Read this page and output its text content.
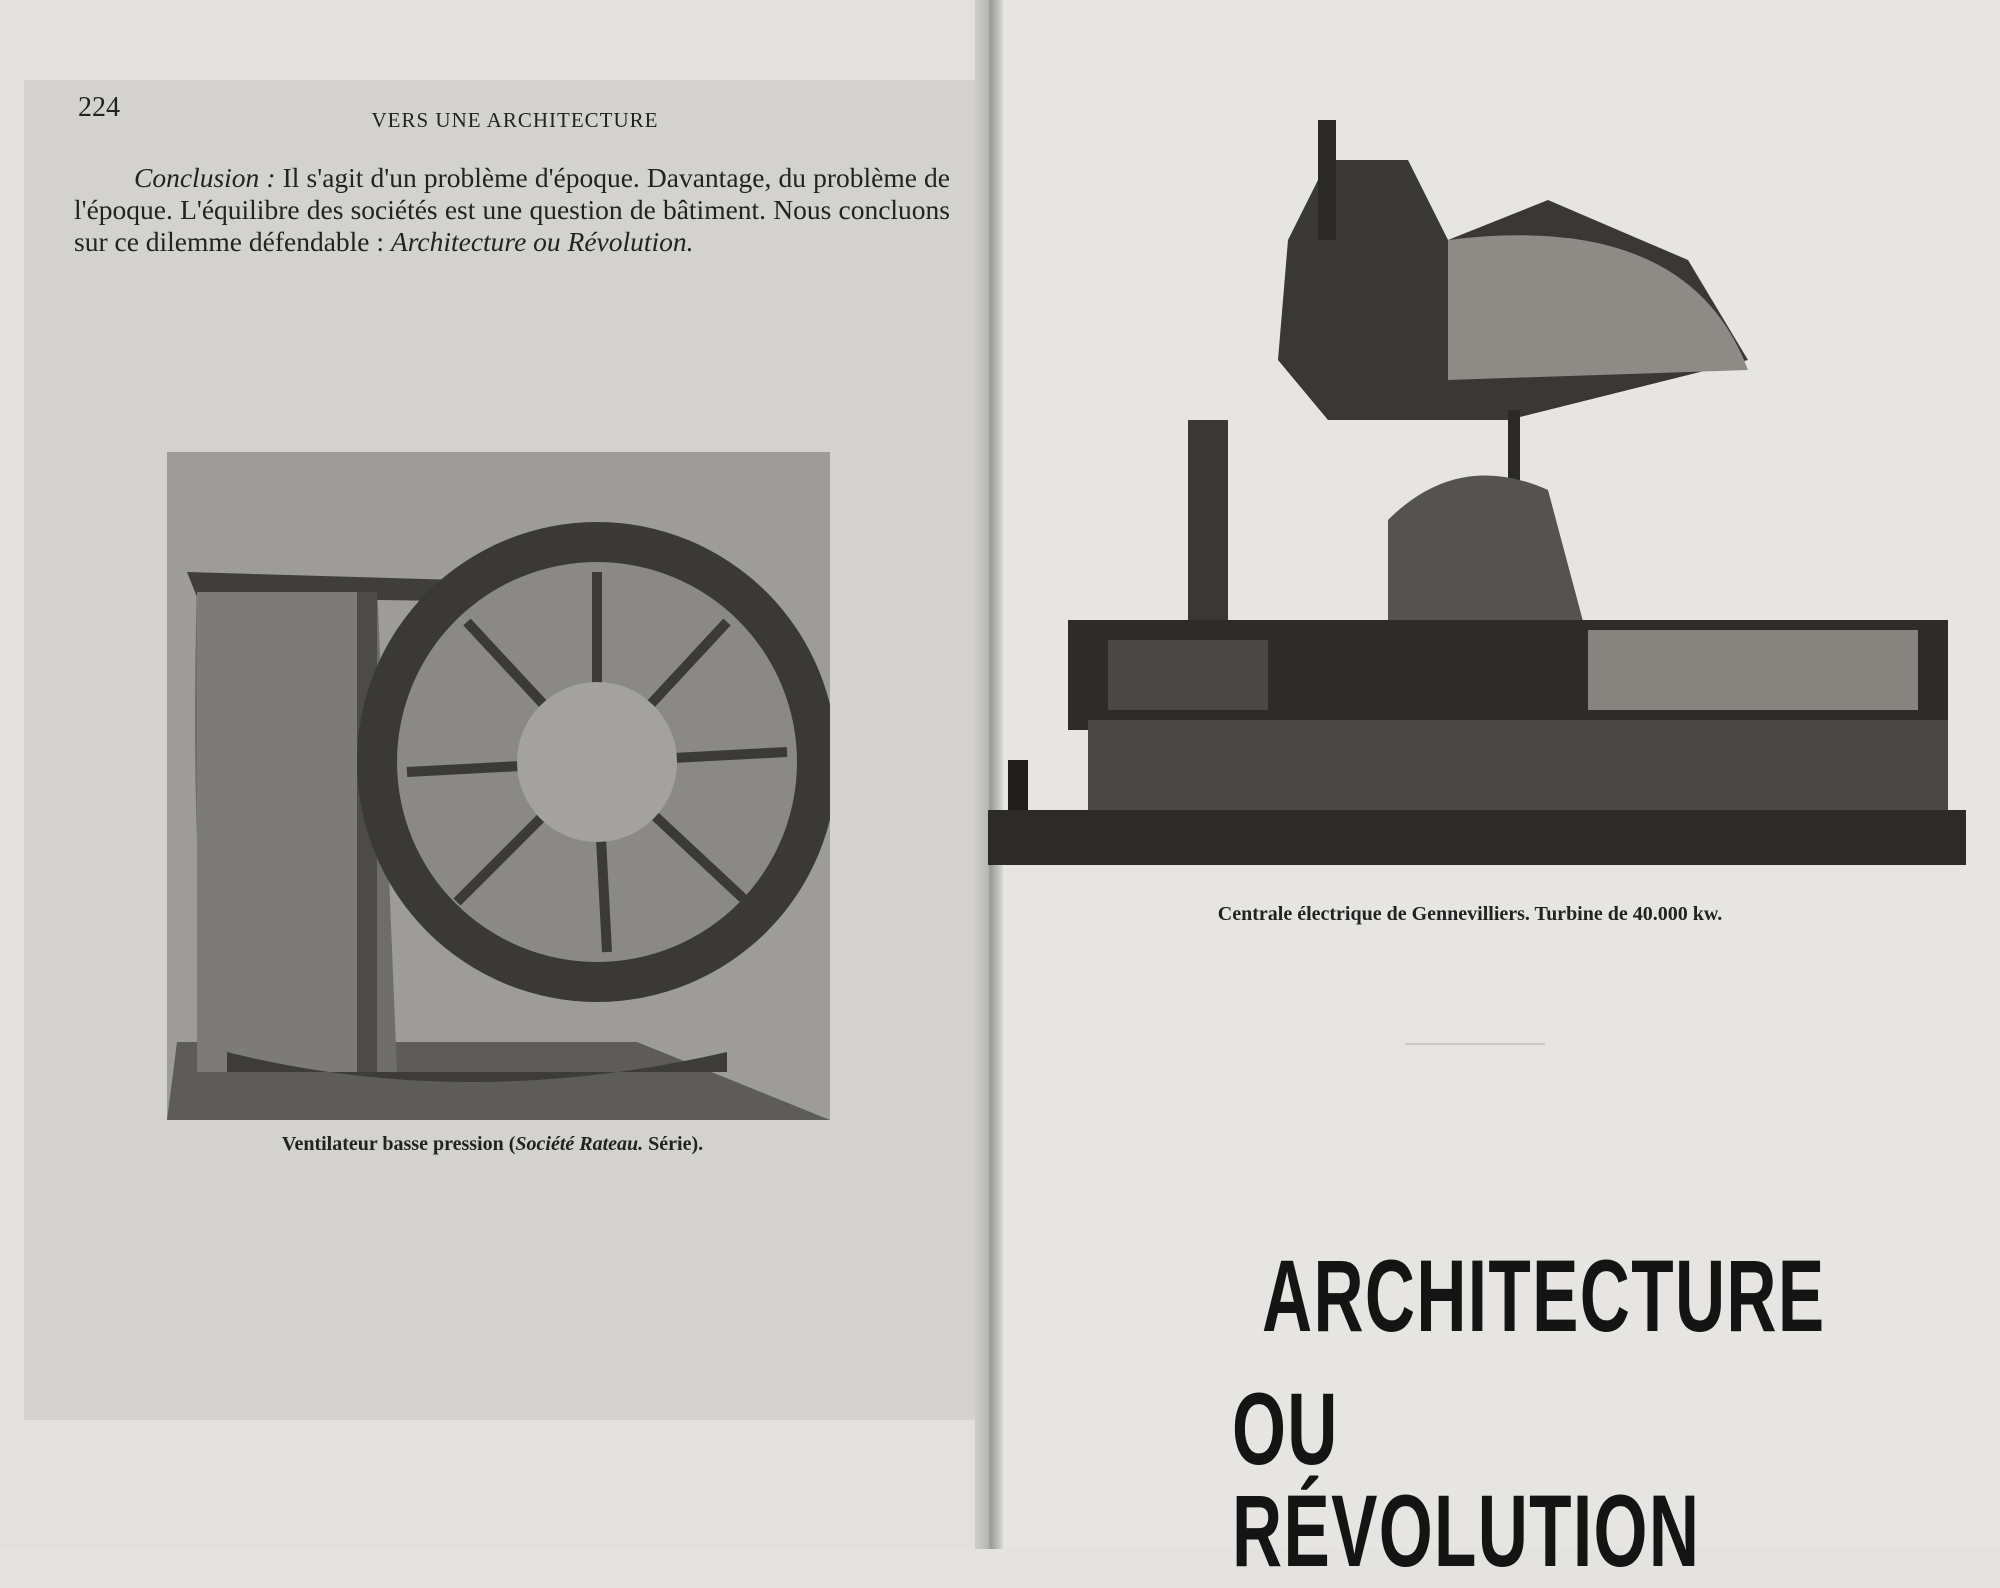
224	VERS UNE ARCHITECTURE
Conclusion : Il s'agit d'un problème d'époque. Davantage, du problème de l'époque. L'équilibre des sociétés est une question de bâtiment. Nous concluons sur ce dilemme défendable : Architecture ou Révolution.
Ventilateur basse pression (Société Rateau. Série).
Centrale électrique de Gennevilliers. Turbine de 40.000 kw.
ARCHITECTURE
OU RÉVOLUTION
